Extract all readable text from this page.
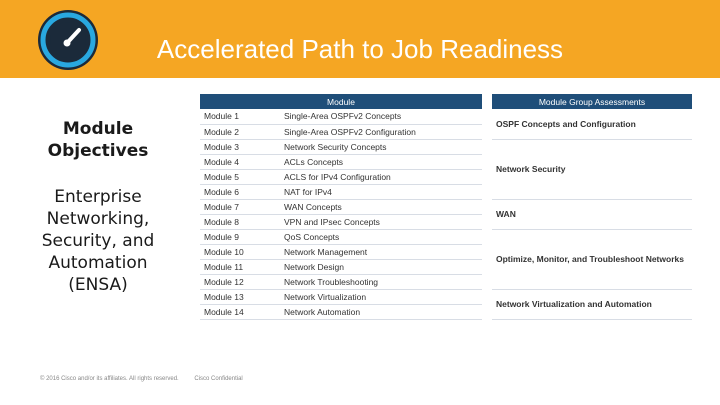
Accelerated Path to Job Readiness
Module Objectives
Enterprise Networking, Security, and Automation (ENSA)
Module			Module Group Assessments
Module 1	Single-Area OSPFv2 Concepts		OSPF Concepts and Configuration
Module 2	Single-Area OSPFv2 Configuration		
Module 3	Network Security Concepts		Network Security
Module 4	ACLs Concepts		
Module 5	ACLS for IPv4 Configuration		
Module 6	NAT for IPv4		
Module 7	WAN Concepts		WAN
Module 8	VPN and IPsec Concepts		
Module 9	QoS Concepts		Optimize, Monitor, and Troubleshoot Networks
Module 10	Network Management		
Module 11	Network Design		
Module 12	Network Troubleshooting		
Module 13	Network Virtualization		Network Virtualization and Automation
Module 14	Network Automation		
© 2016 Cisco and/or its affiliates. All rights reserved.	Cisco Confidential
